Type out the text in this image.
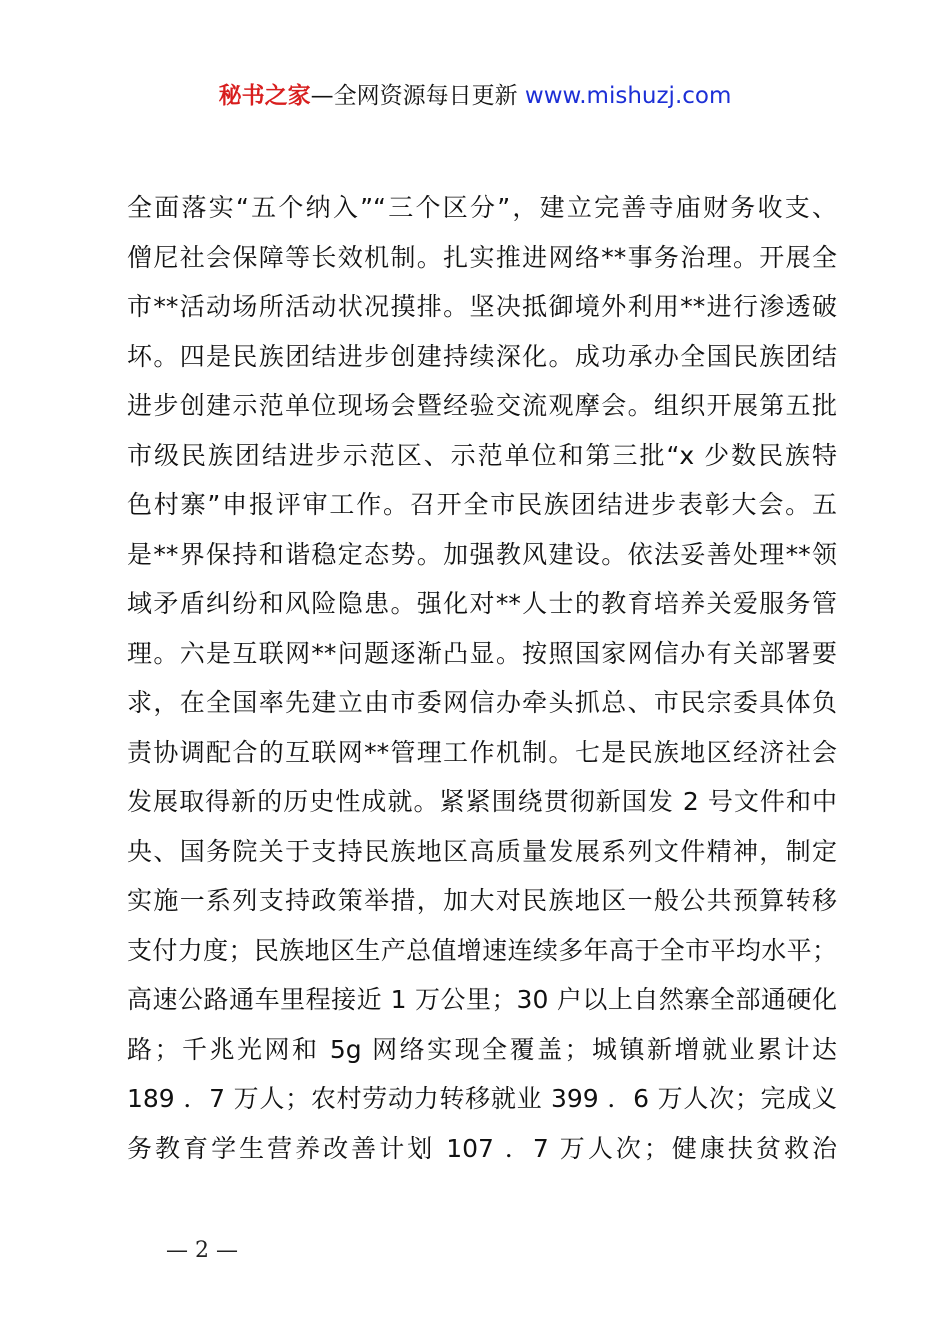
秘书之家—全网资源每日更新 www.mishuzj.com
全面落实“五个纳入”“三个区分”，建立完善寺庙财务收支、
僧尼社会保障等长效机制。扎实推进网络**事务治理。开展全
市**活动场所活动状况摸排。坚决抵御境外利用**进行渗透破
坏。四是民族团结进步创建持续深化。成功承办全国民族团结
进步创建示范单位现场会暨经验交流观摩会。组织开展第五批
市级民族团结进步示范区、示范单位和第三批“x 少数民族特
色村寨”申报评审工作。召开全市民族团结进步表彰大会。五
是**界保持和谐稳定态势。加强教风建设。依法妥善处理**领
域矛盾纠纷和风险隐患。强化对**人士的教育培养关爱服务管
理。六是互联网**问题逐渐凸显。按照国家网信办有关部署要
求，在全国率先建立由市委网信办牵头抓总、市民宗委具体负
责协调配合的互联网**管理工作机制。七是民族地区经济社会
发展取得新的历史性成就。紧紧围绕贯彻新国发 2 号文件和中
央、国务院关于支持民族地区高质量发展系列文件精神，制定
实施一系列支持政策举措，加大对民族地区一般公共预算转移
支付力度；民族地区生产总值增速连续多年高于全市平均水平；
高速公路通车里程接近 1 万公里；30 户以上自然寨全部通硬化
路；千兆光网和 5g 网络实现全覆盖；城镇新增就业累计达
189 ．7 万人；农村劳动力转移就业 399 ．6 万人次；完成义
务教育学生营养改善计划 107 ．7 万人次；健康扶贫救治
— 2 —
